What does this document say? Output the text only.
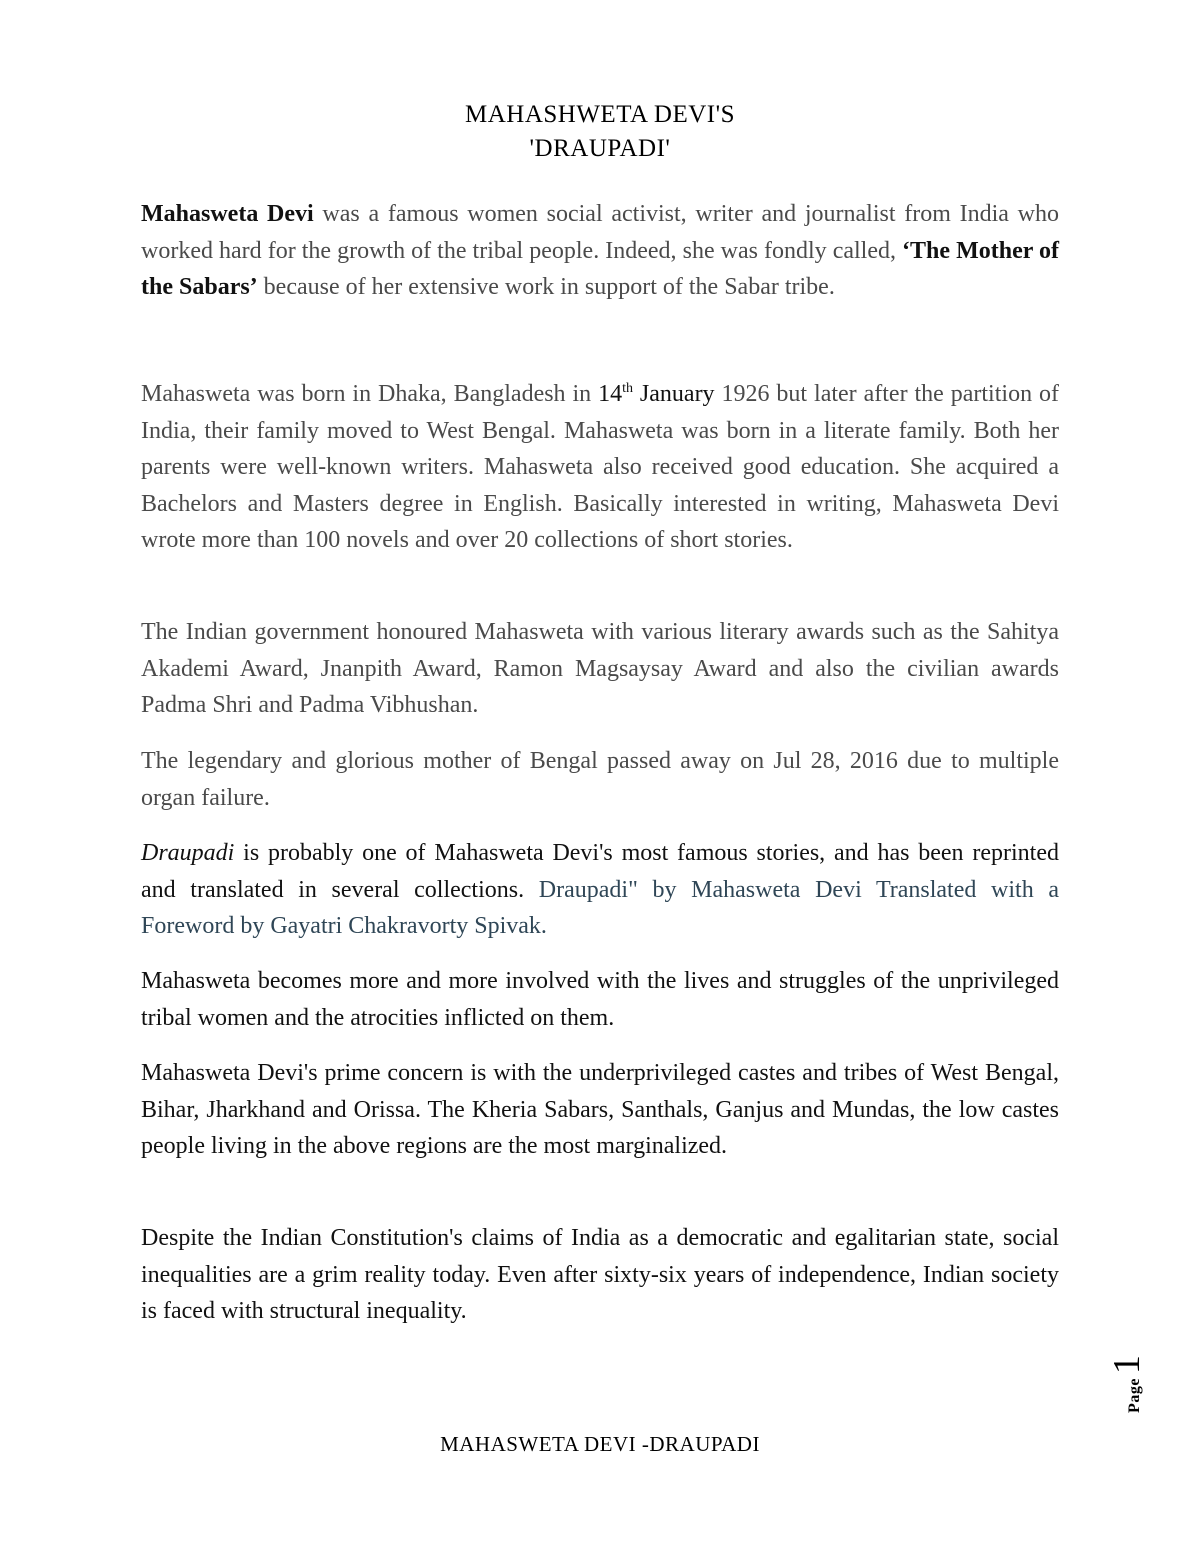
MAHASHWETA DEVI'S
'DRAUPADI'

Mahasweta Devi was a famous women social activist, writer and journalist from India who worked hard for the growth of the tribal people. Indeed, she was fondly called, ‘The Mother of the Sabars’ because of her extensive work in support of the Sabar tribe.

Mahasweta was born in Dhaka, Bangladesh in 14th January 1926 but later after the partition of India, their family moved to West Bengal. Mahasweta was born in a literate family. Both her parents were well-known writers. Mahasweta also received good education. She acquired a Bachelors and Masters degree in English. Basically interested in writing, Mahasweta Devi wrote more than 100 novels and over 20 collections of short stories.

The Indian government honoured Mahasweta with various literary awards such as the Sahitya Akademi Award, Jnanpith Award, Ramon Magsaysay Award and also the civilian awards Padma Shri and Padma Vibhushan.

The legendary and glorious mother of Bengal passed away on Jul 28, 2016 due to multiple organ failure.

Draupadi is probably one of Mahasweta Devi's most famous stories, and has been reprinted and translated in several collections. Draupadi" by Mahasweta Devi Translated with a Foreword by Gayatri Chakravorty Spivak.

Mahasweta becomes more and more involved with the lives and struggles of the unprivileged tribal women and the atrocities inflicted on them.

Mahasweta Devi's prime concern is with the underprivileged castes and tribes of West Bengal, Bihar, Jharkhand and Orissa. The Kheria Sabars, Santhals, Ganjus and Mundas, the low castes people living in the above regions are the most marginalized.

Despite the Indian Constitution's claims of India as a democratic and egalitarian state, social inequalities are a grim reality today. Even after sixty-six years of independence, Indian society is faced with structural inequality.

Page1
MAHASWETA DEVI -DRAUPADI
